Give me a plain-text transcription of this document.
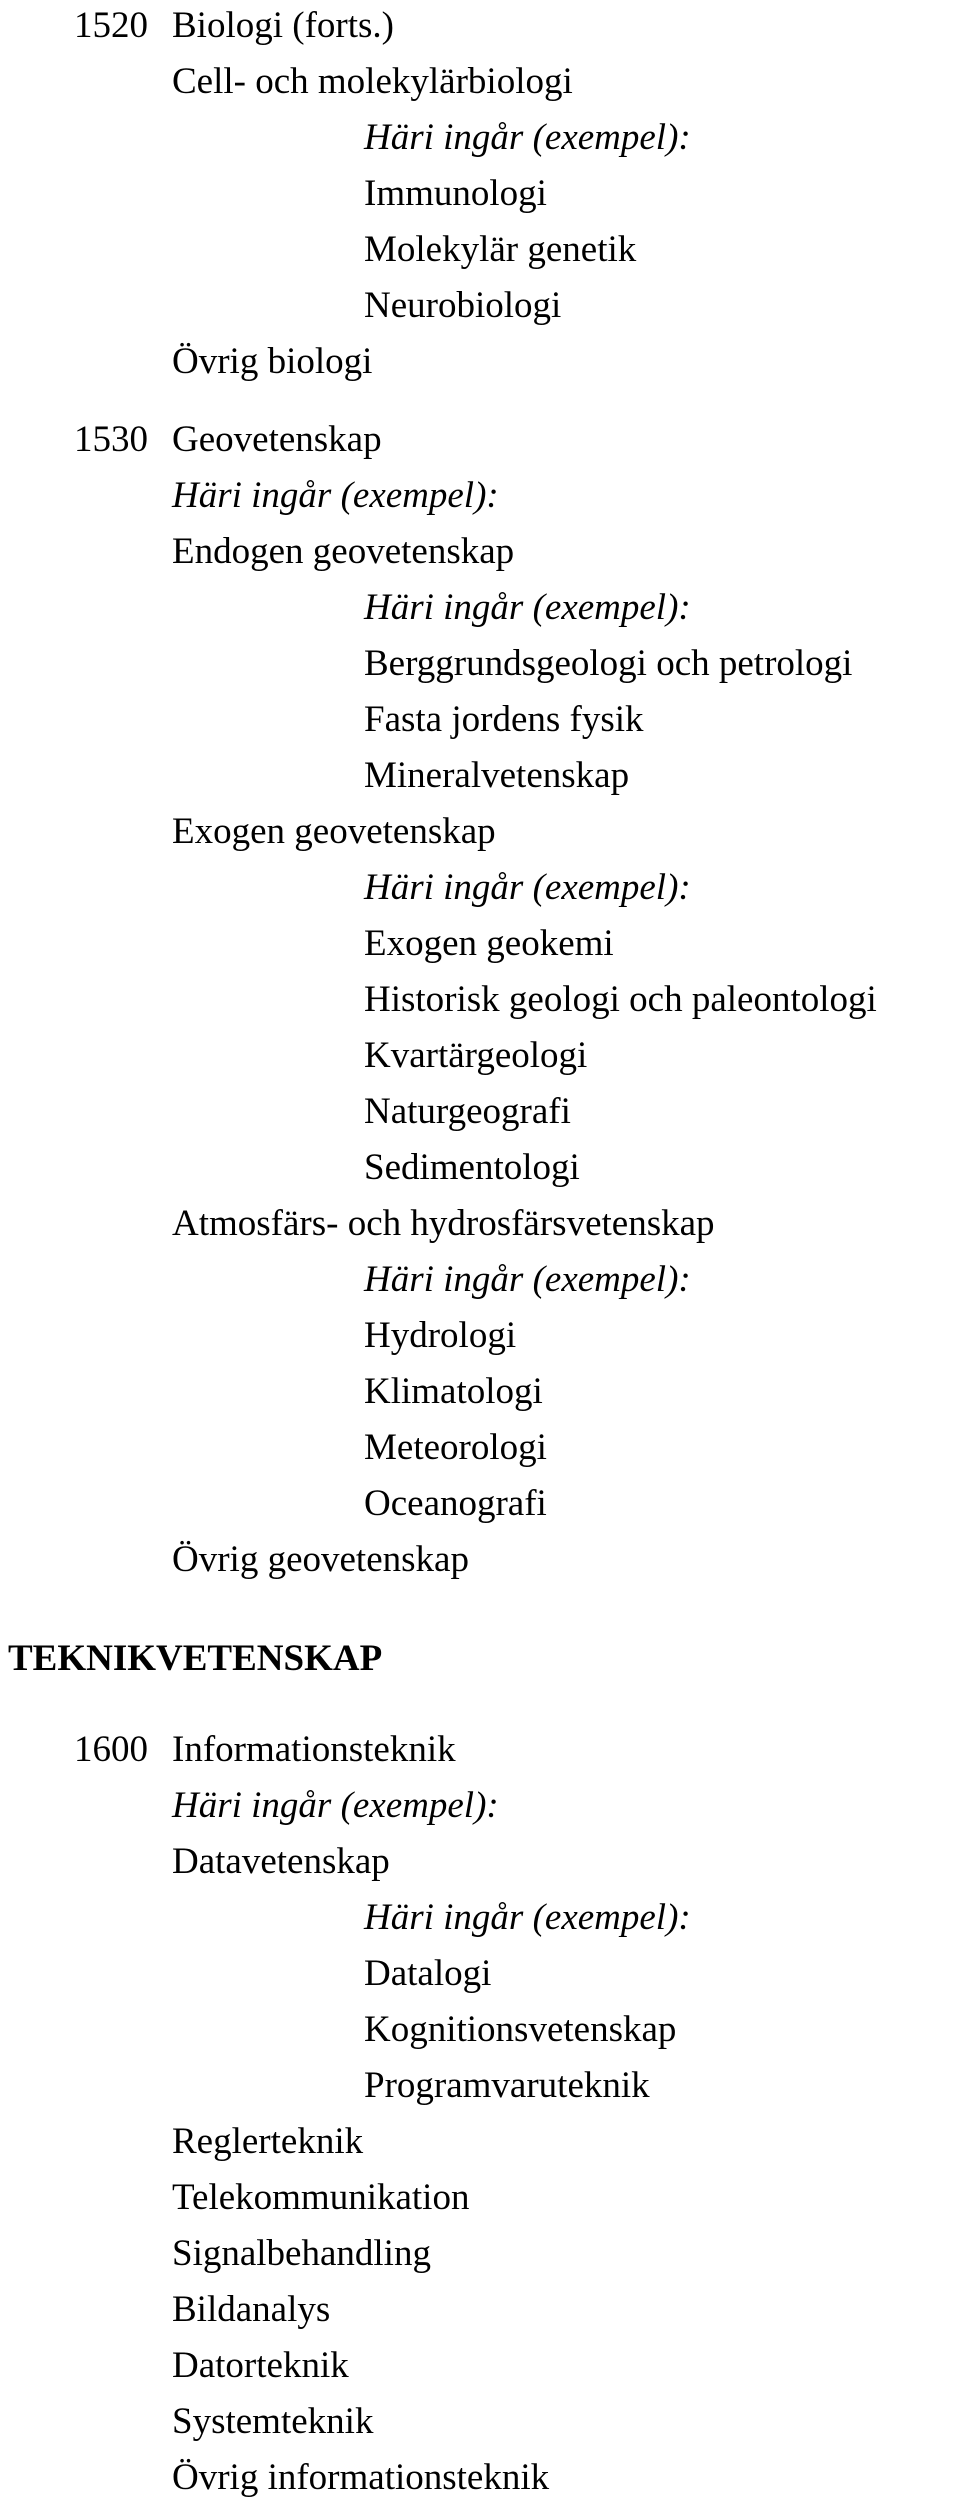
1520 Biologi (forts.)
Cell- och molekylärbiologi
Häri ingår (exempel):
Immunologi
Molekylär genetik
Neurobiologi
Övrig biologi
1530 Geovetenskap
Häri ingår (exempel):
Endogen geovetenskap
Häri ingår (exempel):
Berggrundsgeologi och petrologi
Fasta jordens fysik
Mineralvetenskap
Exogen geovetenskap
Häri ingår (exempel):
Exogen geokemi
Historisk geologi och paleontologi
Kvartärgeologi
Naturgeografi
Sedimentologi
Atmosfärs- och hydrosfärsvetenskap
Häri ingår (exempel):
Hydrologi
Klimatologi
Meteorologi
Oceanografi
Övrig geovetenskap
TEKNIKVETENSKAP
1600 Informationsteknik
Häri ingår (exempel):
Datavetenskap
Häri ingår (exempel):
Datalogi
Kognitionsvetenskap
Programvaruteknik
Reglerteknik
Telekommunikation
Signalbehandling
Bildanalys
Datorteknik
Systemteknik
Övrig informationsteknik
